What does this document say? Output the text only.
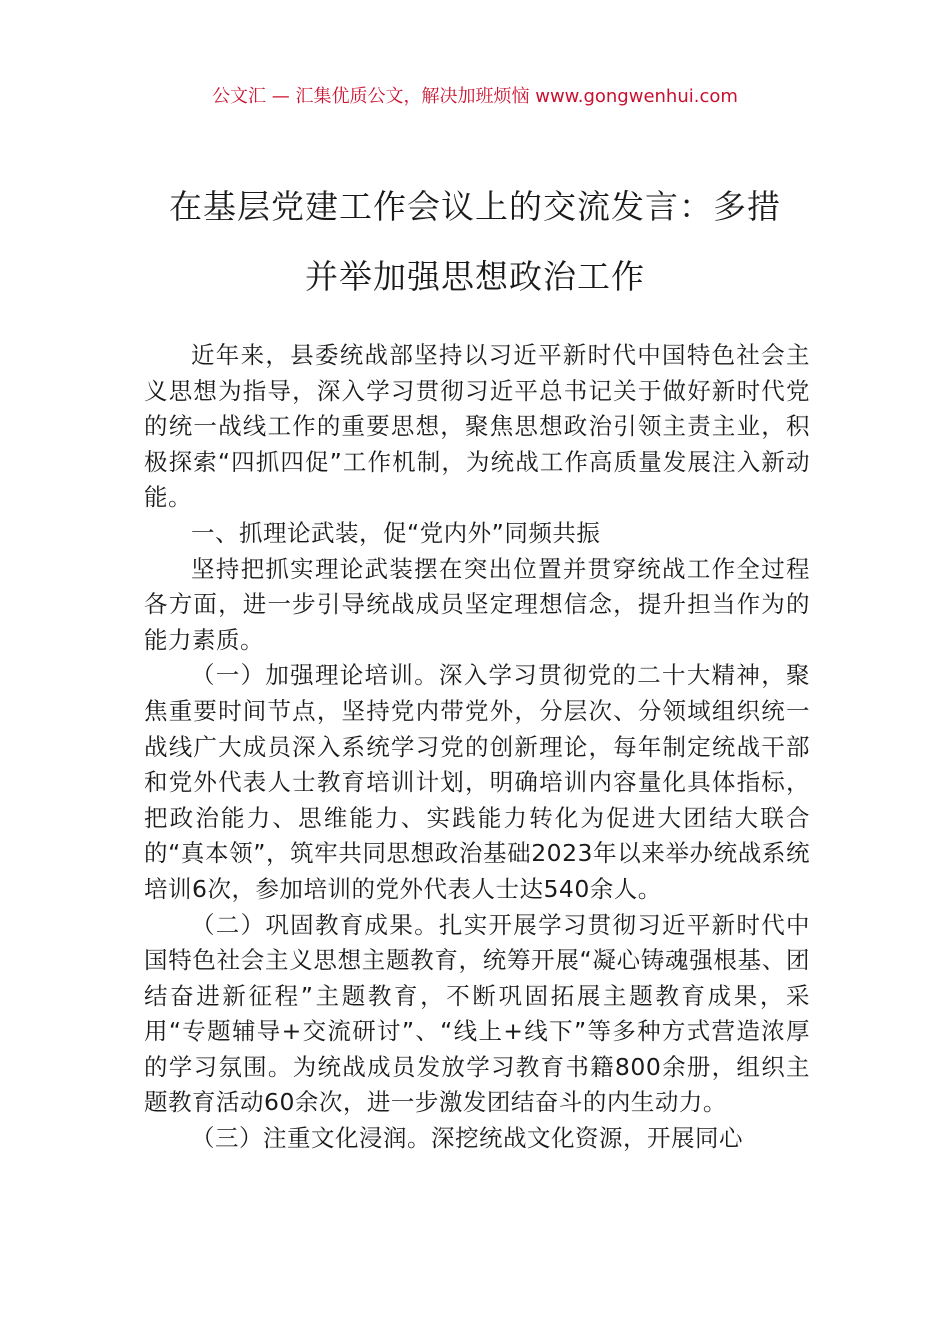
公文汇 — 汇集优质公文，解决加班烦恼 www.gongwenhui.com
在基层党建工作会议上的交流发言：多措
并举加强思想政治工作

近年来，县委统战部坚持以习近平新时代中国特色社会主义思想为指导，深入学习贯彻习近平总书记关于做好新时代党的统一战线工作的重要思想，聚焦思想政治引领主责主业，积极探索“四抓四促”工作机制，为统战工作高质量发展注入新动能。

一、抓理论武装，促“党内外”同频共振

坚持把抓实理论武装摆在突出位置并贯穿统战工作全过程各方面，进一步引导统战成员坚定理想信念，提升担当作为的能力素质。

（一）加强理论培训。深入学习贯彻党的二十大精神，聚焦重要时间节点，坚持党内带党外，分层次、分领域组织统一战线广大成员深入系统学习党的创新理论，每年制定统战干部和党外代表人士教育培训计划，明确培训内容量化具体指标，把政治能力、思维能力、实践能力转化为促进大团结大联合的“真本领”，筑牢共同思想政治基础2023年以来举办统战系统培训6次，参加培训的党外代表人士达540余人。

（二）巩固教育成果。扎实开展学习贯彻习近平新时代中国特色社会主义思想主题教育，统筹开展“凝心铸魂强根基、团结奋进新征程”主题教育，不断巩固拓展主题教育成果，采用“专题辅导+交流研讨”、“线上+线下”等多种方式营造浓厚的学习氛围。为统战成员发放学习教育书籍800余册，组织主题教育活动60余次，进一步激发团结奋斗的内生动力。

（三）注重文化浸润。深挖统战文化资源，开展同心
